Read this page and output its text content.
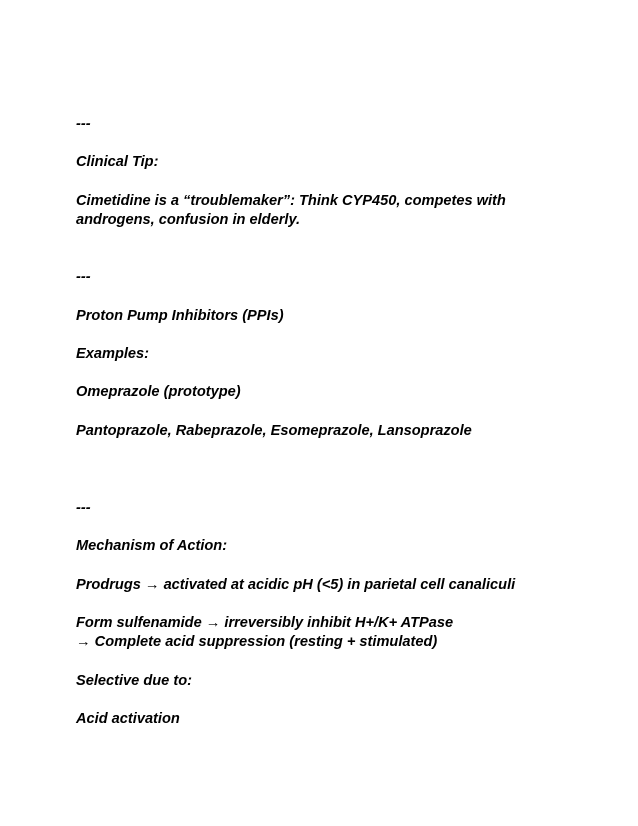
---

Clinical Tip:

Cimetidine is a “troublemaker”: Think CYP450, competes with

androgens, confusion in elderly.

---

Proton Pump Inhibitors (PPIs)

Examples:

Omeprazole (prototype)

Pantoprazole, Rabeprazole, Esomeprazole, Lansoprazole

---

Mechanism of Action:

Prodrugs → activated at acidic pH (<5) in parietal cell canaliculi

Form sulfenamide → irreversibly inhibit H+/K+ ATPase

→ Complete acid suppression (resting + stimulated)

Selective due to:

Acid activation
